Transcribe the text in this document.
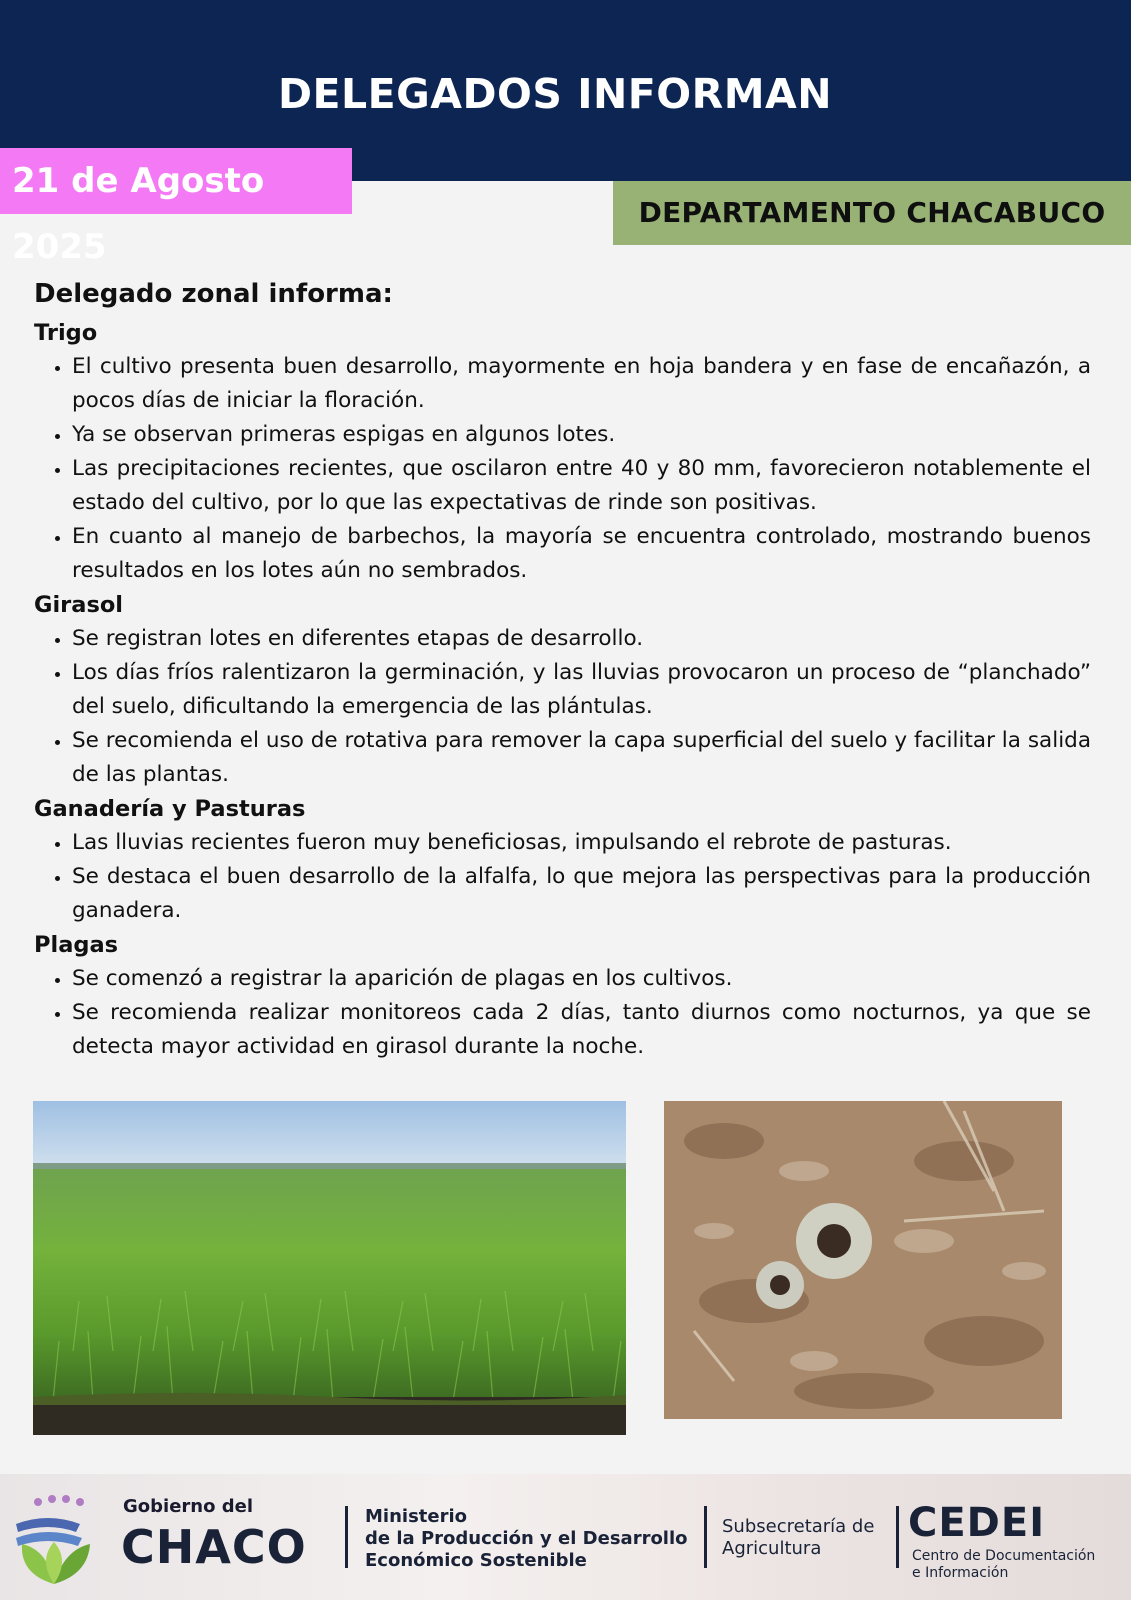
DELEGADOS INFORMAN
21 de Agosto 2025
DEPARTAMENTO CHACABUCO
Delegado zonal informa:
Trigo
• El cultivo presenta buen desarrollo, mayormente en hoja bandera y en fase de encañazón, a pocos días de iniciar la floración.
• Ya se observan primeras espigas en algunos lotes.
• Las precipitaciones recientes, que oscilaron entre 40 y 80 mm, favorecieron notablemente el estado del cultivo, por lo que las expectativas de rinde son positivas.
• En cuanto al manejo de barbechos, la mayoría se encuentra controlado, mostrando buenos resultados en los lotes aún no sembrados.
Girasol
• Se registran lotes en diferentes etapas de desarrollo.
• Los días fríos ralentizaron la germinación, y las lluvias provocaron un proceso de “planchado” del suelo, dificultando la emergencia de las plántulas.
• Se recomienda el uso de rotativa para remover la capa superficial del suelo y facilitar la salida de las plantas.
Ganadería y Pasturas
• Las lluvias recientes fueron muy beneficiosas, impulsando el rebrote de pasturas.
• Se destaca el buen desarrollo de la alfalfa, lo que mejora las perspectivas para la producción ganadera.
Plagas
• Se comenzó a registrar la aparición de plagas en los cultivos.
• Se recomienda realizar monitoreos cada 2 días, tanto diurnos como nocturnos, ya que se detecta mayor actividad en girasol durante la noche.
Gobierno del
CHACO
Ministerio
de la Producción y el Desarrollo
Económico Sostenible
Subsecretaría de
Agricultura
CEDEI
Centro de Documentación
e Información
